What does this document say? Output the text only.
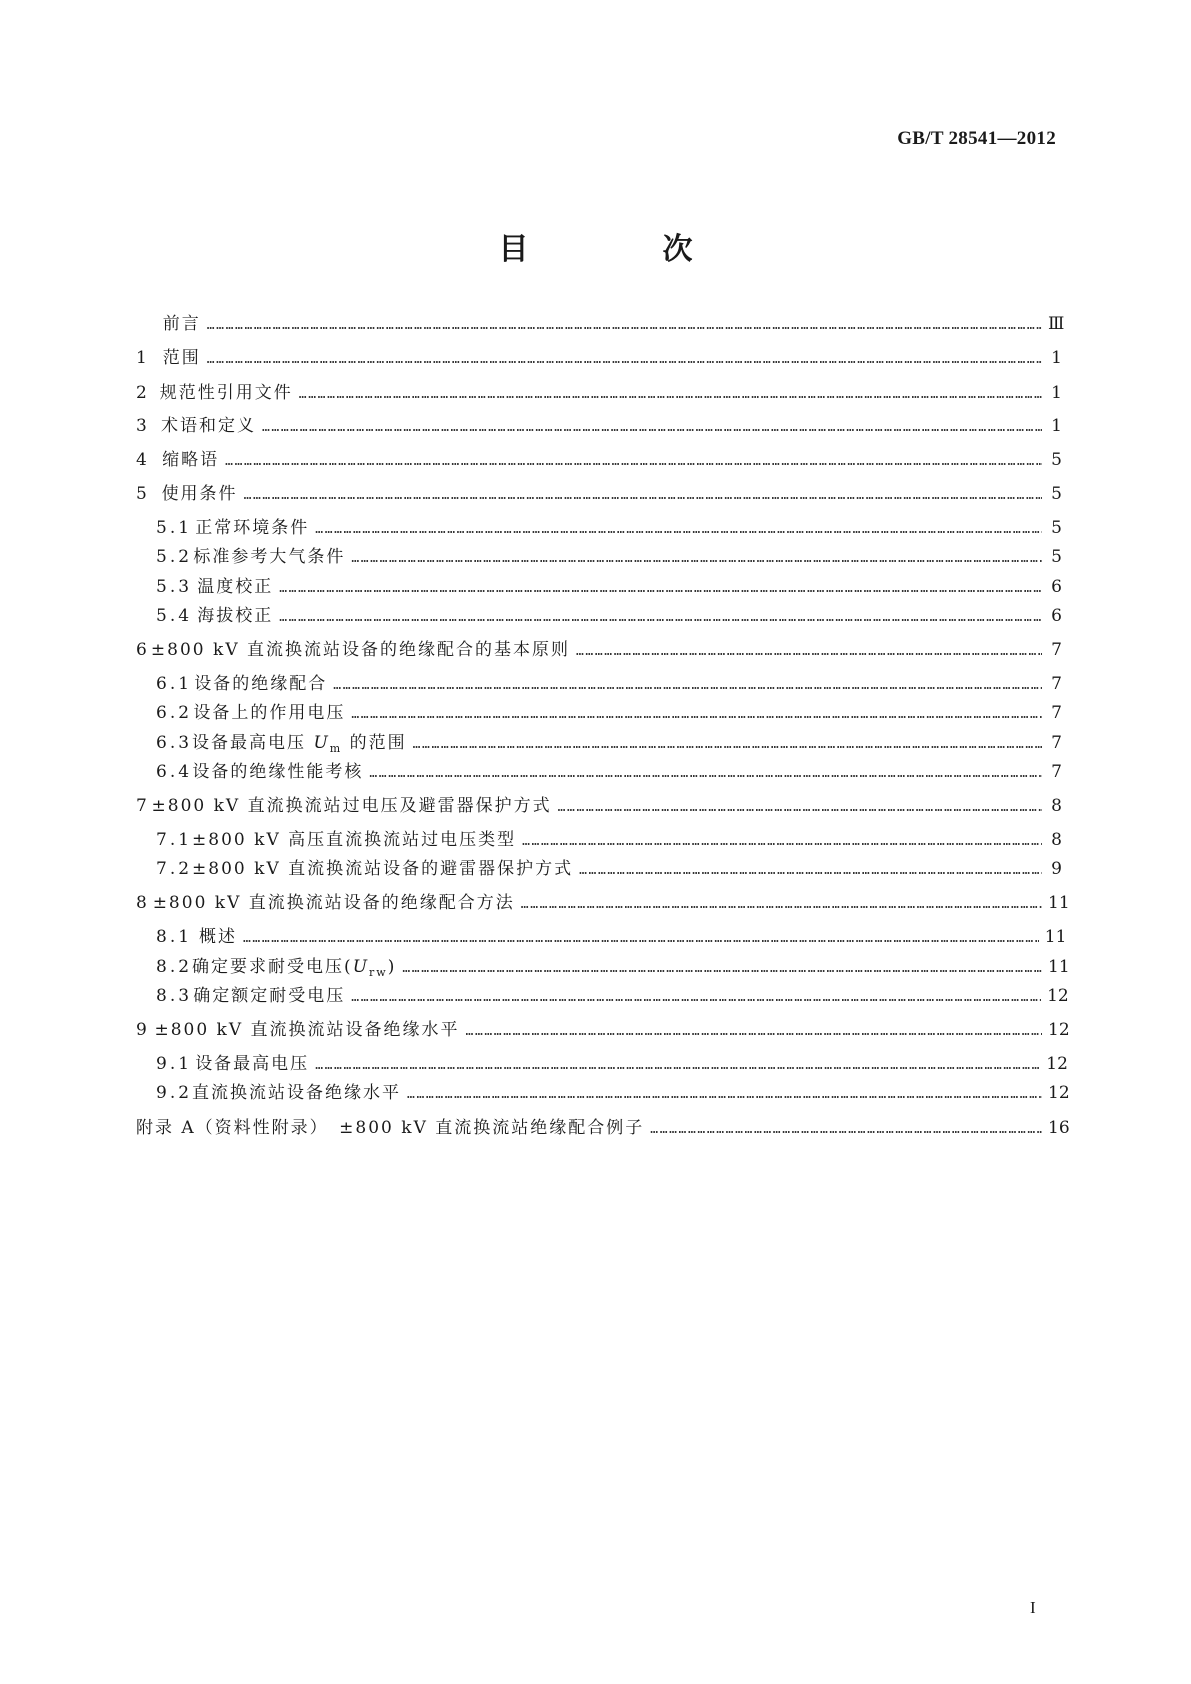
GB/T 28541—2012
目　次
前言 …………………………………………………………………………………………………………………………………………………………………………………………………………………………………………………………………………………………	Ⅲ
1 范围 …………………………………………………………………………………………………………………………………………………………………………………………………………………………………………………………………………………………	1
2 规范性引用文件 …………………………………………………………………………………………………………………………………………………………………………………………………………………………………………………………………………………………	1
3 术语和定义 …………………………………………………………………………………………………………………………………………………………………………………………………………………………………………………………………………………………	1
4 缩略语 …………………………………………………………………………………………………………………………………………………………………………………………………………………………………………………………………………………………	5
5 使用条件 …………………………………………………………………………………………………………………………………………………………………………………………………………………………………………………………………………………………	5
5.1 正常环境条件 …………………………………………………………………………………………………………………………………………………………………………………………………………………………………………………………………………………………	5
5.2 标准参考大气条件 …………………………………………………………………………………………………………………………………………………………………………………………………………………………………………………………………………………………	5
5.3 温度校正 …………………………………………………………………………………………………………………………………………………………………………………………………………………………………………………………………………………………	6
5.4 海拔校正 …………………………………………………………………………………………………………………………………………………………………………………………………………………………………………………………………………………………	6
6 ±800 kV 直流换流站设备的绝缘配合的基本原则 …………………………………………………………………………………………………………………………………………………………………………………………………………………………………………………………………………………………	7
6.1 设备的绝缘配合 …………………………………………………………………………………………………………………………………………………………………………………………………………………………………………………………………………………………	7
6.2 设备上的作用电压 …………………………………………………………………………………………………………………………………………………………………………………………………………………………………………………………………………………………	7
6.3 设备最高电压 $U_m$ 的范围 …………………………………………………………………………………………………………………………………………………………………………………………………………………………………………………………………………………………	7
6.4 设备的绝缘性能考核 …………………………………………………………………………………………………………………………………………………………………………………………………………………………………………………………………………………………	7
7 ±800 kV 直流换流站过电压及避雷器保护方式 …………………………………………………………………………………………………………………………………………………………………………………………………………………………………………………………………………………………	8
7.1 ±800 kV 高压直流换流站过电压类型 …………………………………………………………………………………………………………………………………………………………………………………………………………………………………………………………………………………………	8
7.2 ±800 kV 直流换流站设备的避雷器保护方式 …………………………………………………………………………………………………………………………………………………………………………………………………………………………………………………………………………………………	9
8 ±800 kV 直流换流站设备的绝缘配合方法 …………………………………………………………………………………………………………………………………………………………………………………………………………………………………………………………………………………………	11
8.1 概述 …………………………………………………………………………………………………………………………………………………………………………………………………………………………………………………………………………………………	11
8.2 确定要求耐受电压$(U_{rw})$ …………………………………………………………………………………………………………………………………………………………………………………………………………………………………………………………………………………………	11
8.3 确定额定耐受电压 …………………………………………………………………………………………………………………………………………………………………………………………………………………………………………………………………………………………	12
9 ±800 kV 直流换流站设备绝缘水平 …………………………………………………………………………………………………………………………………………………………………………………………………………………………………………………………………………………………	12
9.1 设备最高电压 …………………………………………………………………………………………………………………………………………………………………………………………………………………………………………………………………………………………	12
9.2 直流换流站设备绝缘水平 …………………………………………………………………………………………………………………………………………………………………………………………………………………………………………………………………………………………	12
附录 A（资料性附录）　±800 kV 直流换流站绝缘配合例子 …………………………………………………………………………………………………………………………………………………………………………………………………………………………………………………………………………………………	16
I
